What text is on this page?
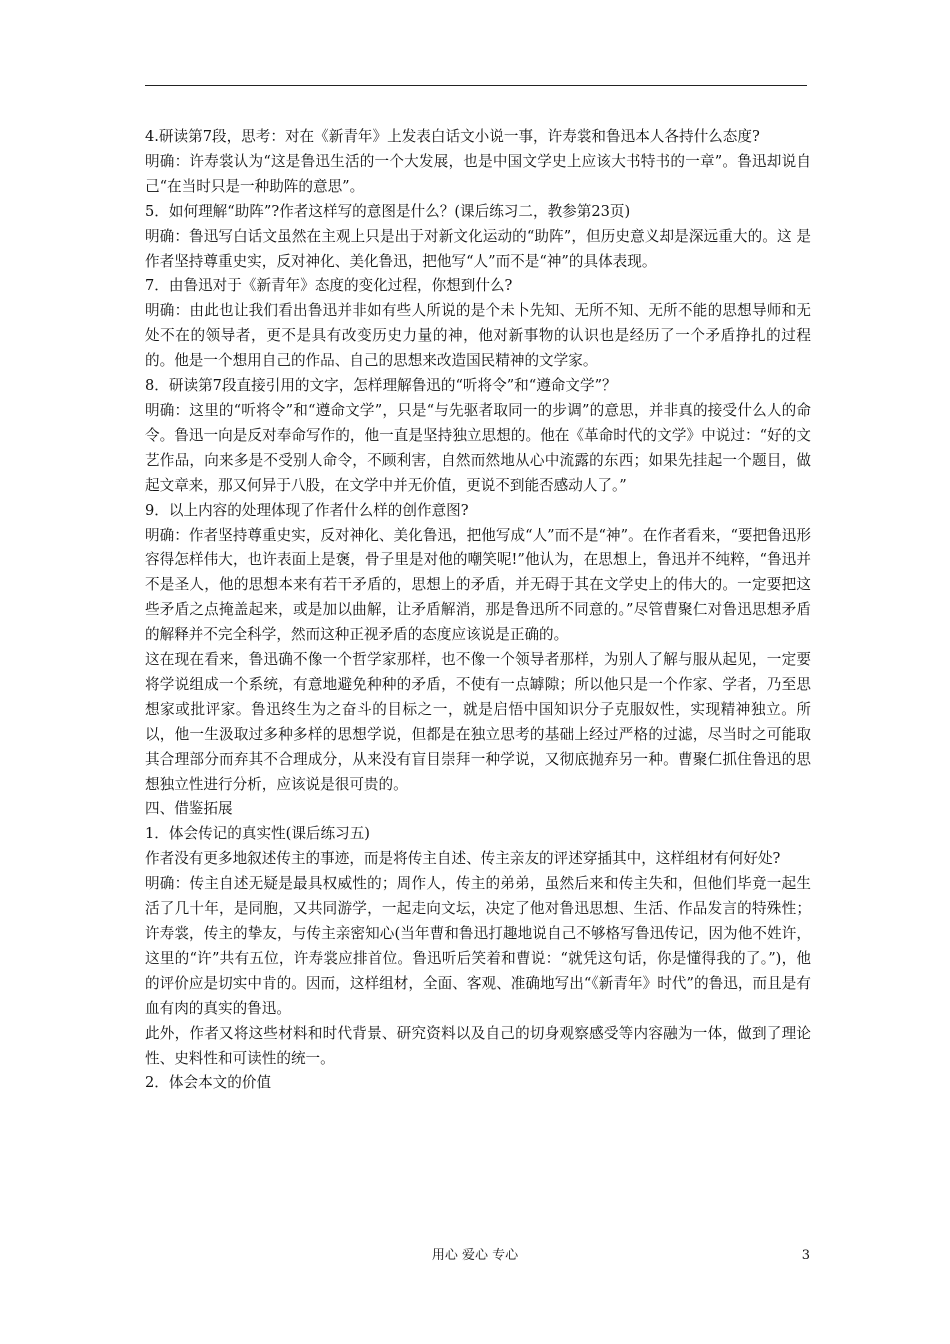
4.研读第7段，思考：对在《新青年》上发表白话文小说一事，许寿裳和鲁迅本人各持什么态度?

明确：许寿裳认为“这是鲁迅生活的一个大发展，也是中国文学史上应该大书特书的一章”。鲁迅却说自己“在当时只是一种助阵的意思”。

5．如何理解“助阵”?作者这样写的意图是什么？(课后练习二，教参第23页)

明确：鲁迅写白话文虽然在主观上只是出于对新文化运动的“助阵”，但历史意义却是深远重大的。这 是作者坚持尊重史实，反对神化、美化鲁迅，把他写“人”而不是“神”的具体表现。

7．由鲁迅对于《新青年》态度的变化过程，你想到什么?

明确：由此也让我们看出鲁迅并非如有些人所说的是个未卜先知、无所不知、无所不能的思想导师和无处不在的领导者，更不是具有改变历史力量的神，他对新事物的认识也是经历了一个矛盾挣扎的过程的。他是一个想用自己的作品、自己的思想来改造国民精神的文学家。

8．研读第7段直接引用的文字，怎样理解鲁迅的“听将令”和“遵命文学”？

明确：这里的“听将令”和“遵命文学”，只是“与先驱者取同一的步调”的意思，并非真的接受什么人的命令。鲁迅一向是反对奉命写作的，他一直是坚持独立思想的。他在《革命时代的文学》中说过：“好的文艺作品，向来多是不受别人命令，不顾利害，自然而然地从心中流露的东西；如果先挂起一个题目，做起文章来，那又何异于八股，在文学中并无价值，更说不到能否感动人了。”

9．以上内容的处理体现了作者什么样的创作意图?

明确：作者坚持尊重史实，反对神化、美化鲁迅，把他写成“人”而不是“神”。在作者看来，“要把鲁迅形容得怎样伟大，也许表面上是褒，骨子里是对他的嘲笑呢!”他认为，在思想上，鲁迅并不纯粹，“鲁迅并不是圣人，他的思想本来有若干矛盾的，思想上的矛盾，并无碍于其在文学史上的伟大的。一定要把这些矛盾之点掩盖起来，或是加以曲解，让矛盾解消，那是鲁迅所不同意的。”尽管曹聚仁对鲁迅思想矛盾的解释并不完全科学，然而这种正视矛盾的态度应该说是正确的。

这在现在看来，鲁迅确不像一个哲学家那样，也不像一个领导者那样，为别人了解与服从起见，一定要将学说组成一个系统，有意地避免种种的矛盾，不使有一点罅隙；所以他只是一个作家、学者，乃至思想家或批评家。鲁迅终生为之奋斗的目标之一，就是启悟中国知识分子克服奴性，实现精神独立。所以，他一生汲取过多种多样的思想学说，但都是在独立思考的基础上经过严格的过滤，尽当时之可能取其合理部分而弃其不合理成分，从来没有盲目崇拜一种学说，又彻底抛弃另一种。曹聚仁抓住鲁迅的思想独立性进行分析，应该说是很可贵的。

四、借鉴拓展

1．体会传记的真实性(课后练习五)

作者没有更多地叙述传主的事迹，而是将传主自述、传主亲友的评述穿插其中，这样组材有何好处?

明确：传主自述无疑是最具权威性的；周作人，传主的弟弟，虽然后来和传主失和，但他们毕竟一起生活了几十年，是同胞，又共同游学，一起走向文坛，决定了他对鲁迅思想、生活、作品发言的特殊性；许寿裳，传主的挚友，与传主亲密知心(当年曹和鲁迅打趣地说自己不够格写鲁迅传记，因为他不姓许，这里的“许”共有五位，许寿裳应排首位。鲁迅听后笑着和曹说：“就凭这句话，你是懂得我的了。”)，他的评价应是切实中肯的。因而，这样组材，全面、客观、准确地写出“《新青年》时代”的鲁迅，而且是有血有肉的真实的鲁迅。

此外，作者又将这些材料和时代背景、研究资料以及自己的切身观察感受等内容融为一体，做到了理论性、史料性和可读性的统一。

2．体会本文的价值

用心 爱心 专心	3
